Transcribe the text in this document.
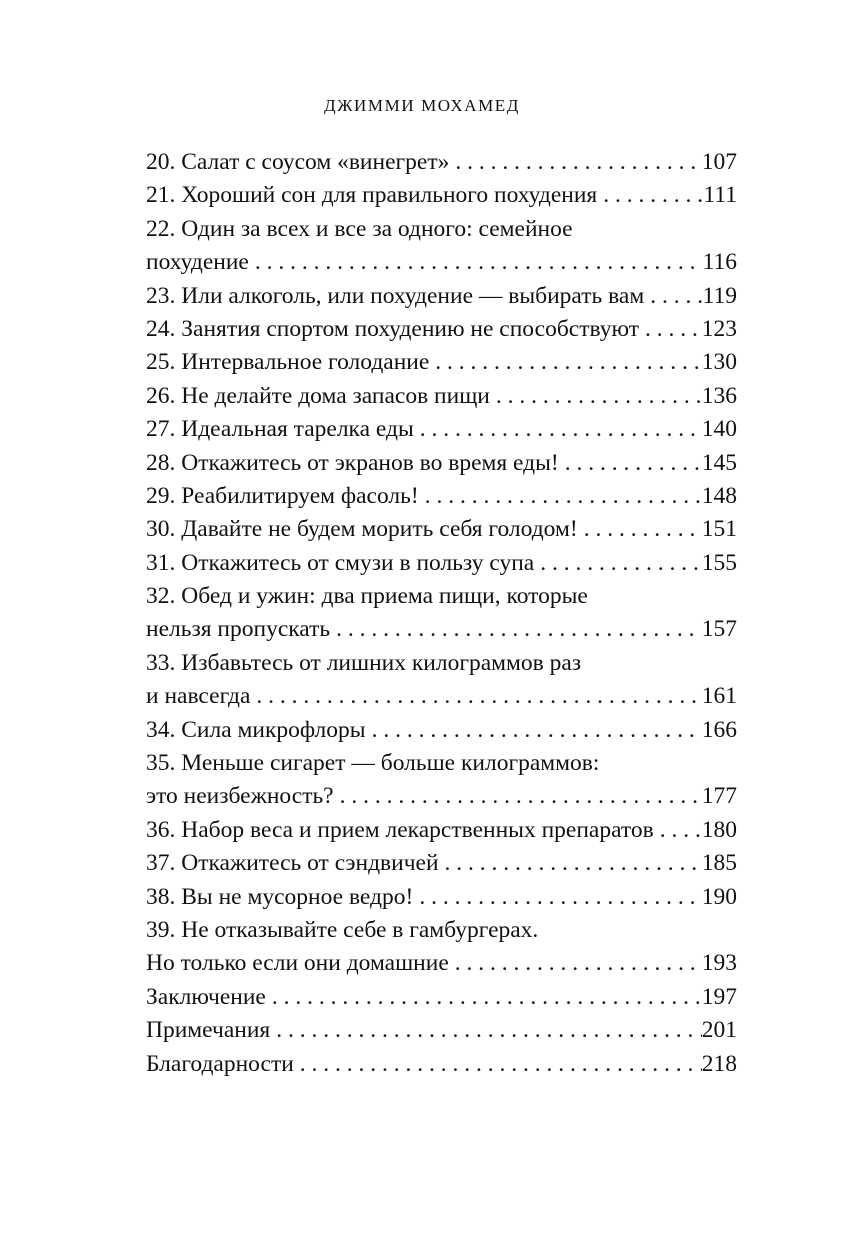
ДЖИММИ МОХАМЕД
20. Салат с соусом «винегрет» . . .	107
21. Хороший сон для правильного похудения . . .	111
22. Один за всех и все за одного: семейное
похудение . . .	116
23. Или алкоголь, или похудение — выбирать вам . . . 119
24. Занятия спортом похудению не способствуют . . .	123
25. Интервальное голодание . . .	130
26. Не делайте дома запасов пищи . . .	136
27. Идеальная тарелка еды . . .	140
28. Откажитесь от экранов во время еды! . . .	145
29. Реабилитируем фасоль! . . .	148
30. Давайте не будем морить себя голодом! . . .	151
31. Откажитесь от смузи в пользу супа . . .	155
32. Обед и ужин: два приема пищи, которые
нельзя пропускать . . .	157
33. Избавьтесь от лишних килограммов раз
и навсегда . . .	161
34. Сила микрофлоры . . .	166
35. Меньше сигарет — больше килограммов:
это неизбежность? . . .	177
36. Набор веса и прием лекарственных препаратов . . . 180
37. Откажитесь от сэндвичей . . .	185
38. Вы не мусорное ведро! . . .	190
39. Не отказывайте себе в гамбургерах.
Но только если они домашние . . .	193
Заключение . . .	197
Примечания . . .	201
Благодарности . . .	218
